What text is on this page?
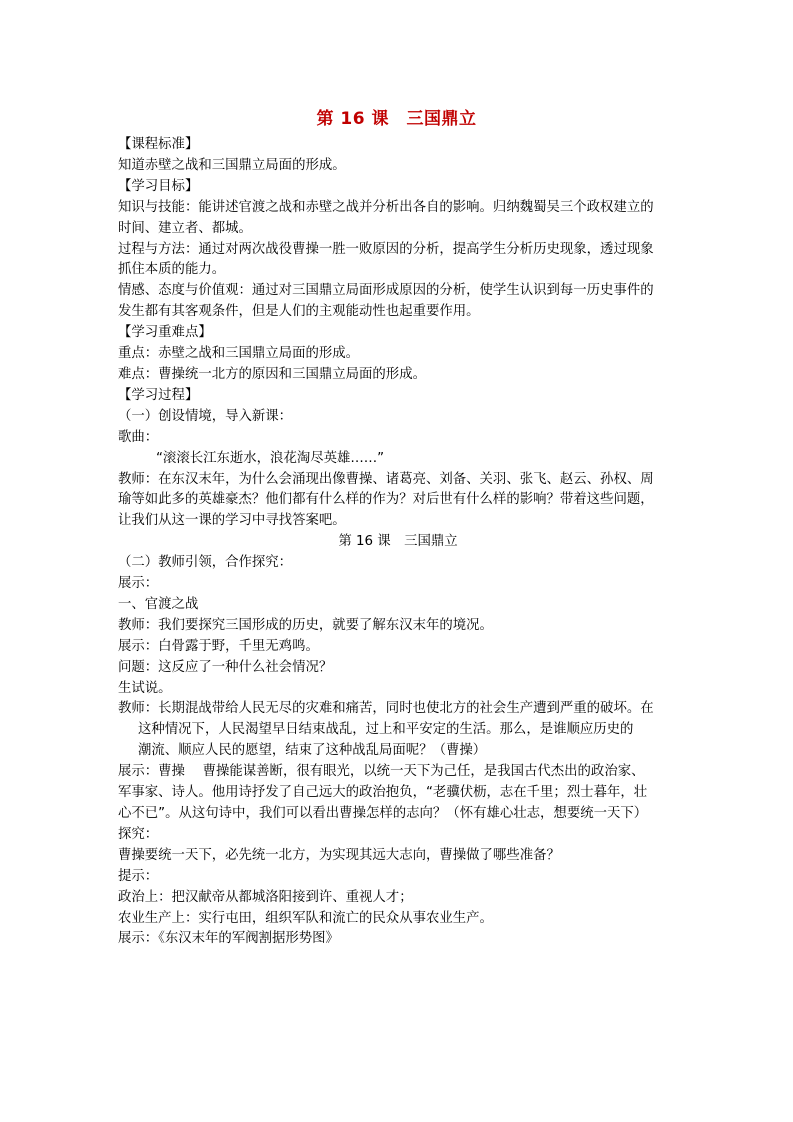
第 16 课　三国鼎立

【课程标准】

知道赤壁之战和三国鼎立局面的形成。

【学习目标】

知识与技能：能讲述官渡之战和赤壁之战并分析出各自的影响。归纳魏蜀吴三个政权建立的

时间、建立者、都城。

过程与方法：通过对两次战役曹操一胜一败原因的分析，提高学生分析历史现象，透过现象

抓住本质的能力。

情感、态度与价值观：通过对三国鼎立局面形成原因的分析，使学生认识到每一历史事件的

发生都有其客观条件，但是人们的主观能动性也起重要作用。

【学习重难点】

重点：赤壁之战和三国鼎立局面的形成。

难点：曹操统一北方的原因和三国鼎立局面的形成。

【学习过程】

（一）创设情境，导入新课：

歌曲：

“滚滚长江东逝水，浪花淘尽英雄……”

教师：在东汉末年，为什么会涌现出像曹操、诸葛亮、刘备、关羽、张飞、赵云、孙权、周

瑜等如此多的英雄豪杰？他们都有什么样的作为？对后世有什么样的影响？带着这些问题，

让我们从这一课的学习中寻找答案吧。

第 16 课　三国鼎立

（二）教师引领，合作探究：

展示：

一、官渡之战

教师：我们要探究三国形成的历史，就要了解东汉末年的境况。

展示：白骨露于野，千里无鸡鸣。

问题：这反应了一种什么社会情况？

生试说。

教师：长期混战带给人民无尽的灾难和痛苦，同时也使北方的社会生产遭到严重的破坏。在

这种情况下，人民渴望早日结束战乱，过上和平安定的生活。那么，是谁顺应历史的

潮流、顺应人民的愿望，结束了这种战乱局面呢？（曹操）

展示：曹操　 曹操能谋善断，很有眼光，以统一天下为己任，是我国古代杰出的政治家、

军事家、诗人。他用诗抒发了自己远大的政治抱负，“老骥伏枥，志在千里；烈士暮年，壮

心不已”。从这句诗中，我们可以看出曹操怎样的志向？（怀有雄心壮志，想要统一天下）

探究：

曹操要统一天下，必先统一北方，为实现其远大志向，曹操做了哪些准备？

提示：

政治上：把汉献帝从都城洛阳接到许、重视人才；

农业生产上：实行屯田，组织军队和流亡的民众从事农业生产。

展示：《东汉末年的军阀割据形势图》
